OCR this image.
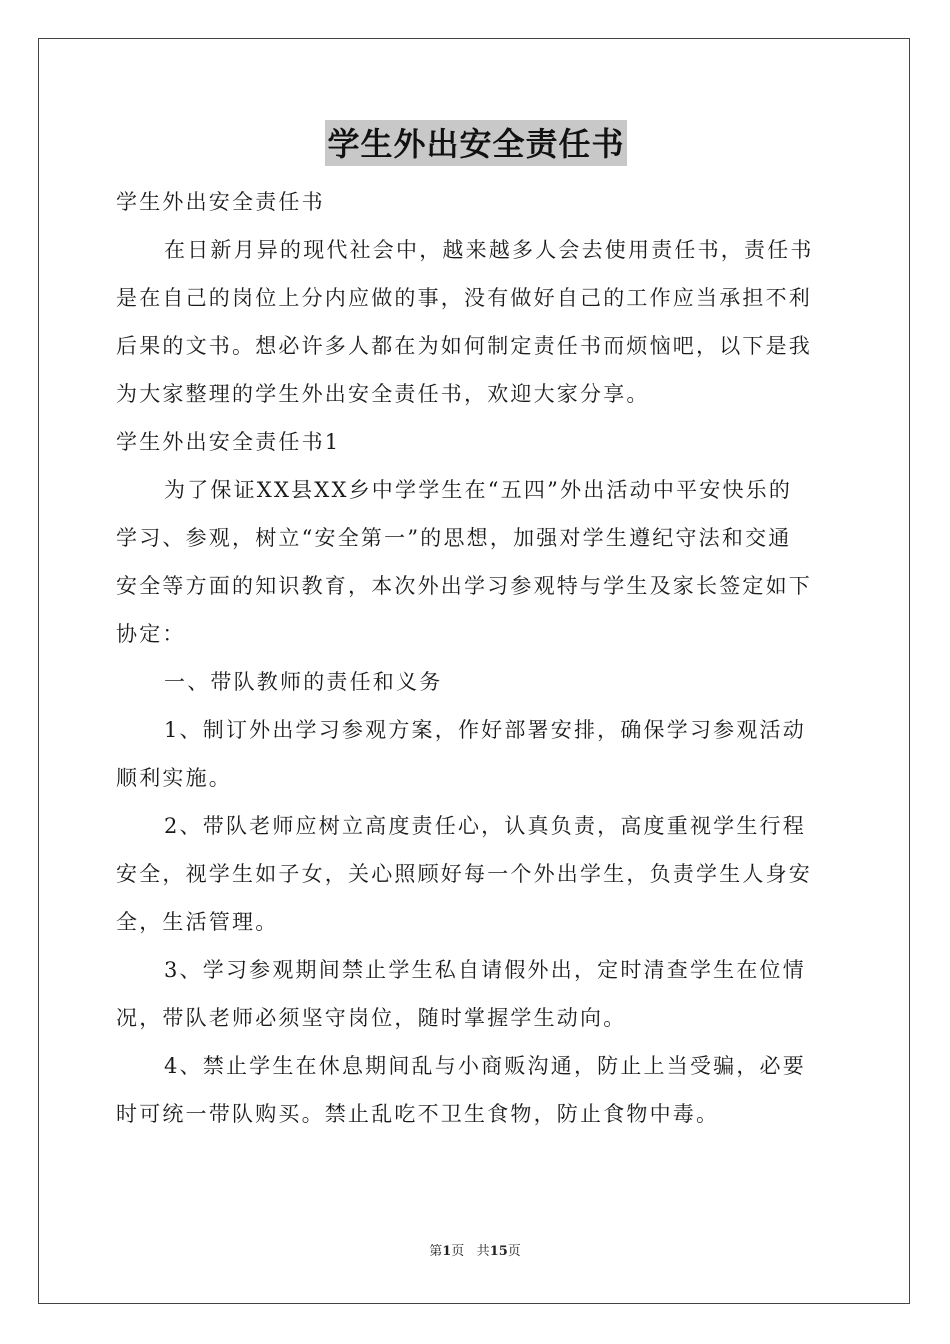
学生外出安全责任书
学生外出安全责任书
在日新月异的现代社会中，越来越多人会去使用责任书，责任书
是在自己的岗位上分内应做的事，没有做好自己的工作应当承担不利
后果的文书。想必许多人都在为如何制定责任书而烦恼吧，以下是我
为大家整理的学生外出安全责任书，欢迎大家分享。
学生外出安全责任书1
为了保证XX县XX乡中学学生在“五四”外出活动中平安快乐的
学习、参观，树立“安全第一”的思想，加强对学生遵纪守法和交通
安全等方面的知识教育，本次外出学习参观特与学生及家长签定如下
协定：
一、带队教师的责任和义务
1、制订外出学习参观方案，作好部署安排，确保学习参观活动
顺利实施。
2、带队老师应树立高度责任心，认真负责，高度重视学生行程
安全，视学生如子女，关心照顾好每一个外出学生，负责学生人身安
全，生活管理。
3、学习参观期间禁止学生私自请假外出，定时清查学生在位情
况，带队老师必须坚守岗位，随时掌握学生动向。
4、禁止学生在休息期间乱与小商贩沟通，防止上当受骗，必要
时可统一带队购买。禁止乱吃不卫生食物，防止食物中毒。
第1页 共15页
